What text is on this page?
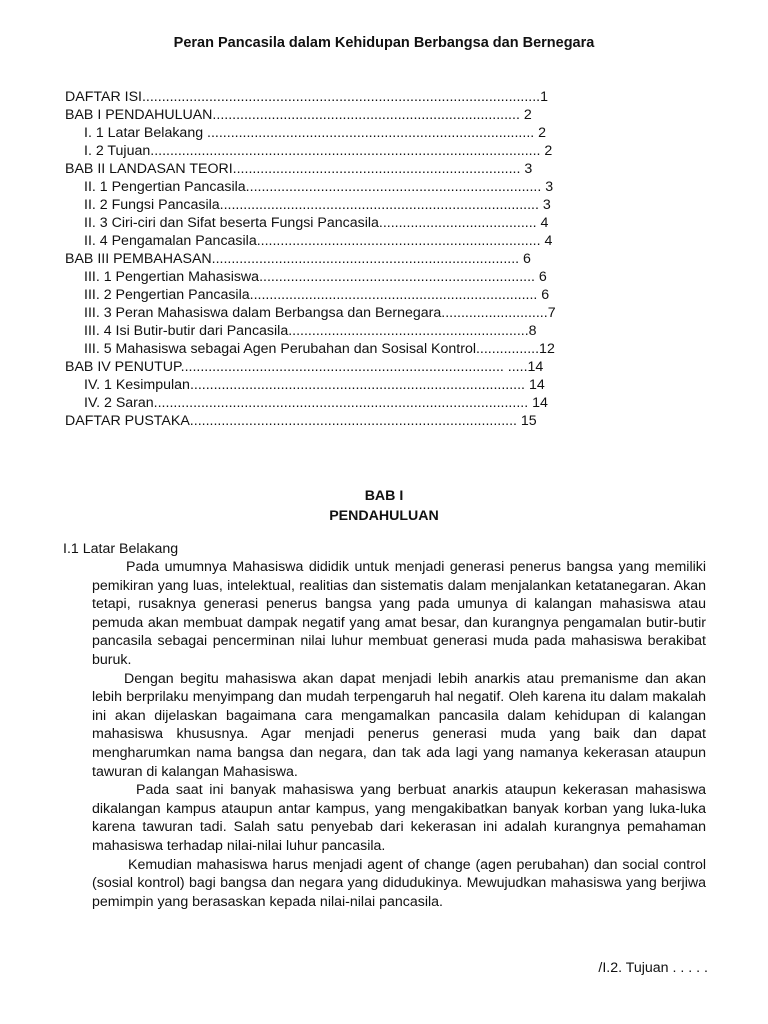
Peran Pancasila dalam Kehidupan Berbangsa dan Bernegara
DAFTAR ISI.....................................................................................................1
BAB I PENDAHULUAN.............................................................................. 2
I. 1 Latar Belakang ................................................................................... 2
I. 2 Tujuan................................................................................................... 2
BAB II LANDASAN TEORI......................................................................... 3
II. 1 Pengertian Pancasila........................................................................... 3
II. 2 Fungsi Pancasila................................................................................. 3
II. 3 Ciri-ciri dan Sifat beserta Fungsi Pancasila........................................ 4
II. 4 Pengamalan Pancasila........................................................................ 4
BAB III PEMBAHASAN.............................................................................. 6
III. 1 Pengertian Mahasiswa...................................................................... 6
III. 2 Pengertian Pancasila......................................................................... 6
III. 3 Peran Mahasiswa dalam Berbangsa dan Bernegara...........................7
III. 4 Isi Butir-butir dari Pancasila.............................................................8
III. 5 Mahasiswa sebagai Agen Perubahan dan Sosisal Kontrol................12
BAB IV PENUTUP.................................................................................. .....14
IV. 1 Kesimpulan..................................................................................... 14
IV. 2 Saran............................................................................................... 14
DAFTAR PUSTAKA................................................................................... 15
BAB I
PENDAHULUAN
I.1 Latar Belakang

Pada umumnya Mahasiswa dididik untuk menjadi generasi penerus bangsa yang memiliki pemikiran yang luas, intelektual, realitias dan sistematis dalam menjalankan ketatanegaran. Akan tetapi, rusaknya generasi penerus bangsa yang pada umunya di kalangan mahasiswa atau pemuda akan membuat dampak negatif yang amat besar, dan kurangnya pengamalan butir-butir pancasila sebagai pencerminan nilai luhur membuat generasi muda pada mahasiswa berakibat buruk.

Dengan begitu mahasiswa akan dapat menjadi lebih anarkis atau premanisme dan akan lebih berprilaku menyimpang dan mudah terpengaruh hal negatif. Oleh karena itu dalam makalah ini akan dijelaskan bagaimana cara mengamalkan pancasila dalam kehidupan di kalangan mahasiswa khususnya. Agar menjadi penerus generasi muda yang baik dan dapat mengharumkan nama bangsa dan negara, dan tak ada lagi yang namanya kekerasan ataupun tawuran di kalangan Mahasiswa.

Pada saat ini banyak mahasiswa yang berbuat anarkis ataupun kekerasan mahasiswa dikalangan kampus ataupun antar kampus, yang mengakibatkan banyak korban yang luka-luka karena tawuran tadi. Salah satu penyebab dari kekerasan ini adalah kurangnya pemahaman mahasiswa terhadap nilai-nilai luhur pancasila.

Kemudian mahasiswa harus menjadi agent of change (agen perubahan) dan social control (sosial kontrol) bagi bangsa dan negara yang didudukinya. Mewujudkan mahasiswa yang berjiwa pemimpin yang berasaskan kepada nilai-nilai pancasila.

/I.2. Tujuan . . . . .
